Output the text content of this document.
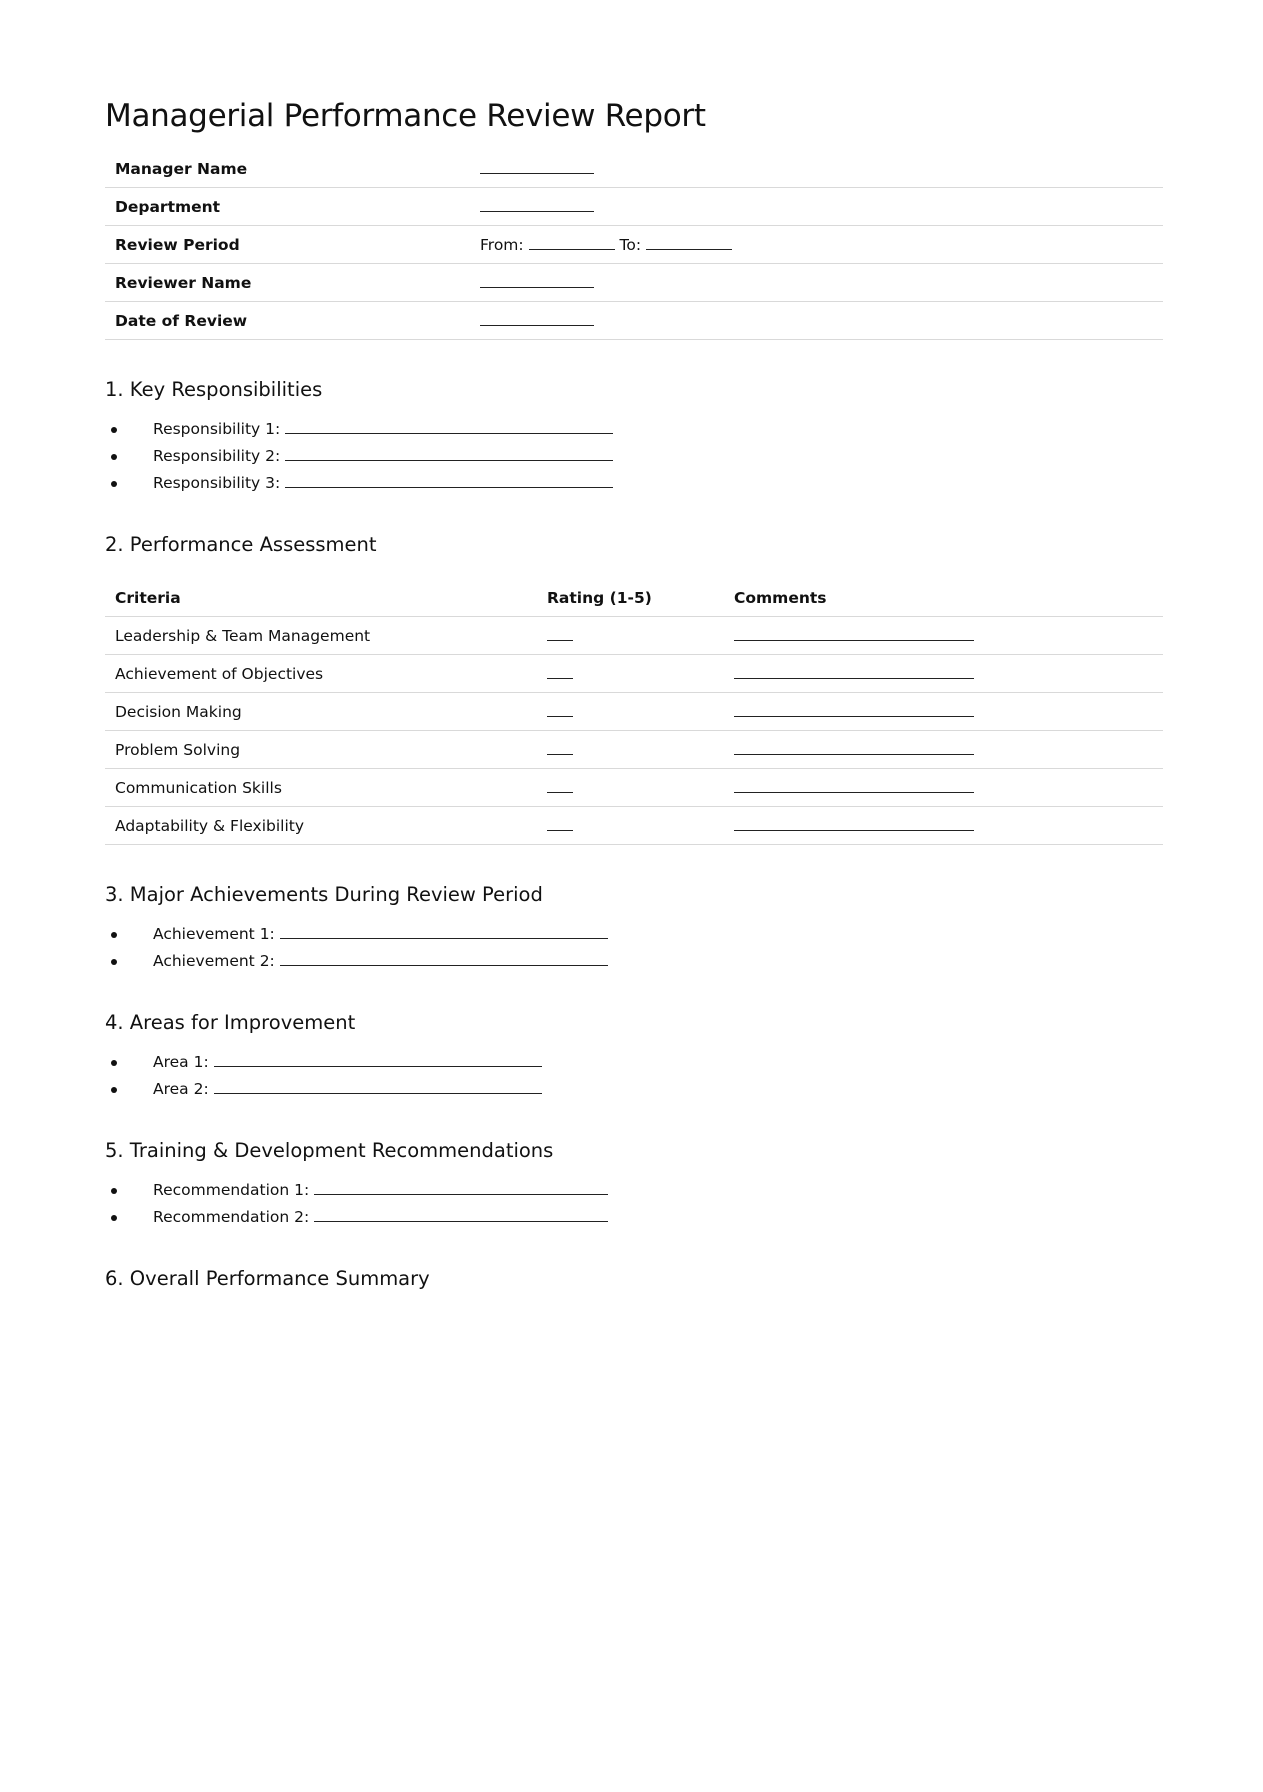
Managerial Performance Review Report
Manager Name	
Department	
Review Period	From: To:
Reviewer Name	
Date of Review	
1. Key Responsibilities
Responsibility 1:
Responsibility 2:
Responsibility 3:
2. Performance Assessment
Criteria	Rating (1-5)	Comments
Leadership & Team Management		
Achievement of Objectives		
Decision Making		
Problem Solving		
Communication Skills		
Adaptability & Flexibility		
3. Major Achievements During Review Period
Achievement 1:
Achievement 2:
4. Areas for Improvement
Area 1:
Area 2:
5. Training & Development Recommendations
Recommendation 1:
Recommendation 2:
6. Overall Performance Summary
